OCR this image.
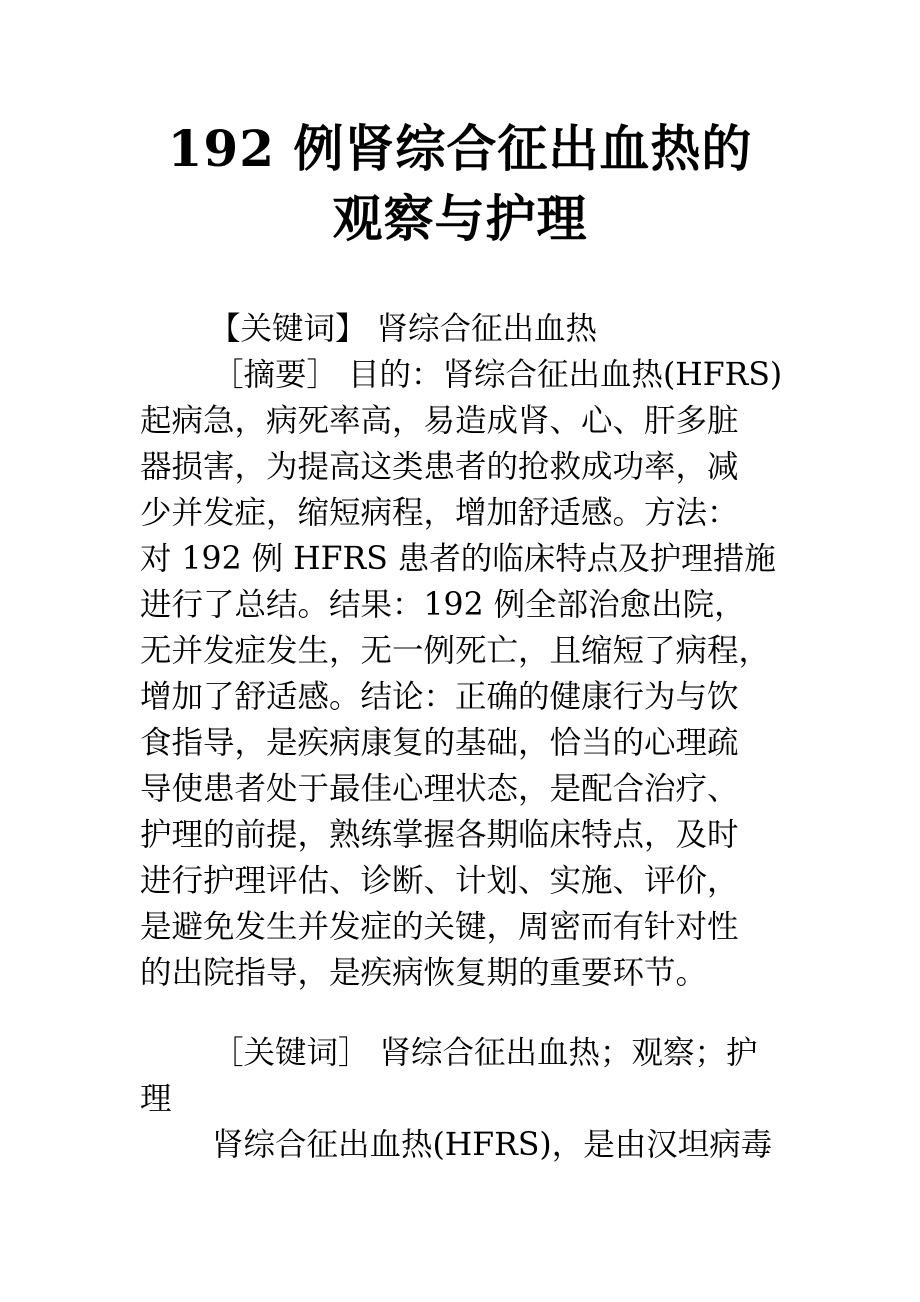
192 例肾综合征出血热的
观察与护理
【关键词】 肾综合征出血热
［摘要］ 目的：肾综合征出血热(HFRS)
起病急，病死率高，易造成肾、心、肝多脏
器损害，为提高这类患者的抢救成功率，减
少并发症，缩短病程，增加舒适感。方法：
对 192 例 HFRS 患者的临床特点及护理措施
进行了总结。结果：192 例全部治愈出院，
无并发症发生，无一例死亡，且缩短了病程，
增加了舒适感。结论：正确的健康行为与饮
食指导，是疾病康复的基础，恰当的心理疏
导使患者处于最佳心理状态，是配合治疗、
护理的前提，熟练掌握各期临床特点，及时
进行护理评估、诊断、计划、实施、评价，
是避免发生并发症的关键，周密而有针对性
的出院指导，是疾病恢复期的重要环节。
［关键词］ 肾综合征出血热；观察；护
理
肾综合征出血热(HFRS)，是由汉坦病毒
